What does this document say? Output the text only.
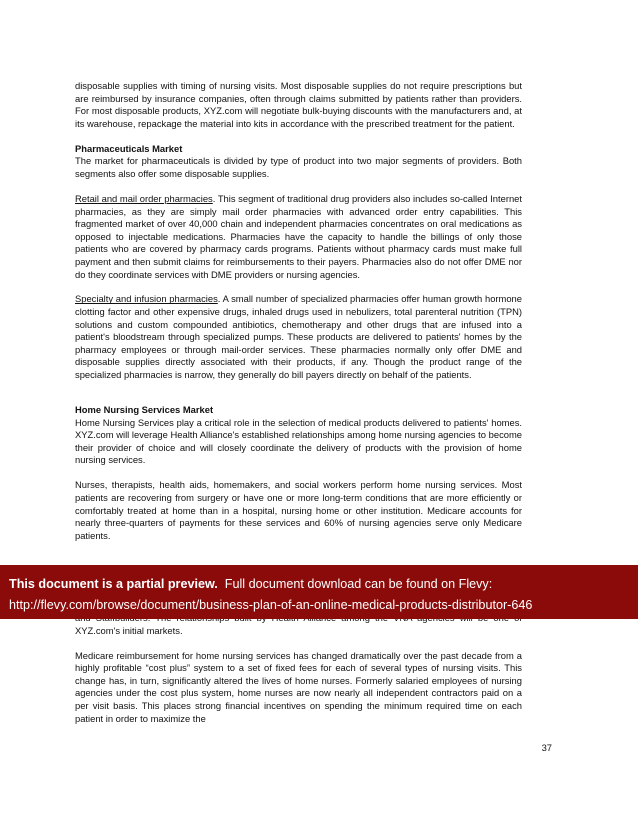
disposable supplies with timing of nursing visits. Most disposable supplies do not require prescriptions but are reimbursed by insurance companies, often through claims submitted by patients rather than providers. For most disposable products, XYZ.com will negotiate bulk-buying discounts with the manufacturers and, at its warehouse, repackage the material into kits in accordance with the prescribed treatment for the patient.

Pharmaceuticals Market

The market for pharmaceuticals is divided by type of product into two major segments of providers. Both segments also offer some disposable supplies.

Retail and mail order pharmacies. This segment of traditional drug providers also includes so-called Internet pharmacies, as they are simply mail order pharmacies with advanced order entry capabilities. This fragmented market of over 40,000 chain and independent pharmacies concentrates on oral medications as opposed to injectable medications. Pharmacies have the capacity to handle the billings of only those patients who are covered by pharmacy cards programs. Patients without pharmacy cards must make full payment and then submit claims for reimbursements to their payers. Pharmacies also do not offer DME nor do they coordinate services with DME providers or nursing agencies.

Specialty and infusion pharmacies. A small number of specialized pharmacies offer human growth hormone clotting factor and other expensive drugs, inhaled drugs used in nebulizers, total parenteral nutrition (TPN) solutions and custom compounded antibiotics, chemotherapy and other drugs that are infused into a patient's bloodstream through specialized pumps. These products are delivered to patients' homes by the pharmacy employees or through mail-order services. These pharmacies normally only offer DME and disposable supplies directly associated with their products, if any. Though the product range of the specialized pharmacies is narrow, they generally do bill payers directly on behalf of the patients.

Home Nursing Services Market

Home Nursing Services play a critical role in the selection of medical products delivered to patients' homes. XYZ.com will leverage Health Alliance's established relationships among home nursing agencies to become their provider of choice and will closely coordinate the delivery of products with the provision of home nursing services.

Nurses, therapists, health aids, homemakers, and social workers perform home nursing services. Most patients are recovering from surgery or have one or more long-term conditions that are more efficiently or comfortably treated at home than in a hospital, nursing home or other institution. Medicare accounts for nearly three-quarters of payments for these services and 60% of nursing agencies serve only Medicare patients.

XYZ.com's initial markets.

Medicare reimbursement for home nursing services has changed dramatically over the past decade from a highly profitable “cost plus” system to a set of fixed fees for each of several types of nursing visits. This change has, in turn, significantly altered the lives of home nurses. Formerly salaried employees of nursing agencies under the cost plus system, home nurses are now nearly all independent contractors paid on a per visit basis. This places strong financial incentives on spending the minimum required time on each patient in order to maximize the

This document is a partial preview. Full document download can be found on Flevy:
http://flevy.com/browse/document/business-plan-of-an-online-medical-products-distributor-646
37
